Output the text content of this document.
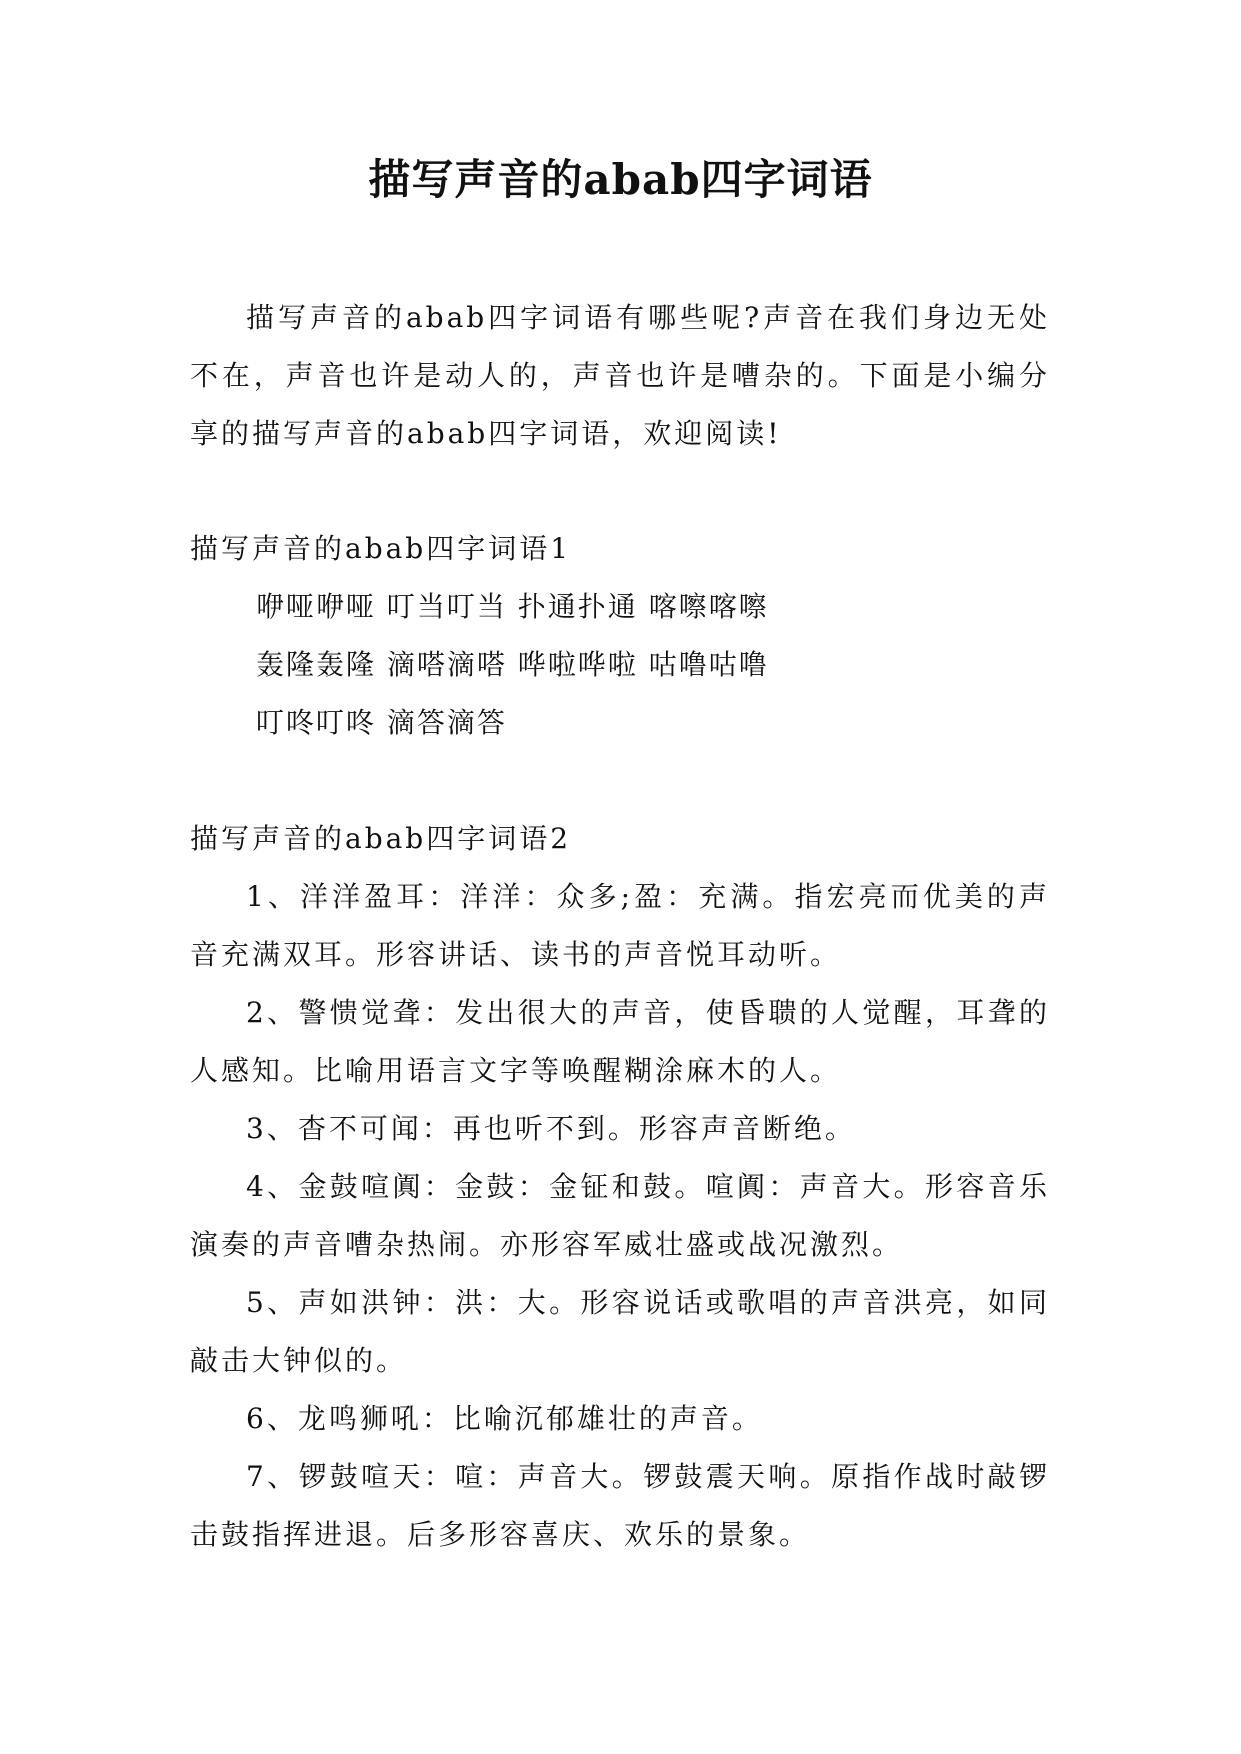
描写声音的abab四字词语

描写声音的abab四字词语有哪些呢?声音在我们身边无处不在，声音也许是动人的，声音也许是嘈杂的。下面是小编分享的描写声音的abab四字词语，欢迎阅读!

描写声音的abab四字词语1

咿哑咿哑 叮当叮当 扑通扑通 喀嚓喀嚓

轰隆轰隆 滴嗒滴嗒 哗啦哗啦 咕噜咕噜

叮咚叮咚 滴答滴答

描写声音的abab四字词语2

1、洋洋盈耳：洋洋：众多;盈：充满。指宏亮而优美的声音充满双耳。形容讲话、读书的声音悦耳动听。

2、警愦觉聋：发出很大的声音，使昏聩的人觉醒，耳聋的人感知。比喻用语言文字等唤醒糊涂麻木的人。

3、杳不可闻：再也听不到。形容声音断绝。

4、金鼓喧阗：金鼓：金钲和鼓。喧阗：声音大。形容音乐演奏的声音嘈杂热闹。亦形容军威壮盛或战况激烈。

5、声如洪钟：洪：大。形容说话或歌唱的声音洪亮，如同敲击大钟似的。

6、龙鸣狮吼：比喻沉郁雄壮的声音。

7、锣鼓喧天：喧：声音大。锣鼓震天响。原指作战时敲锣击鼓指挥进退。后多形容喜庆、欢乐的景象。
